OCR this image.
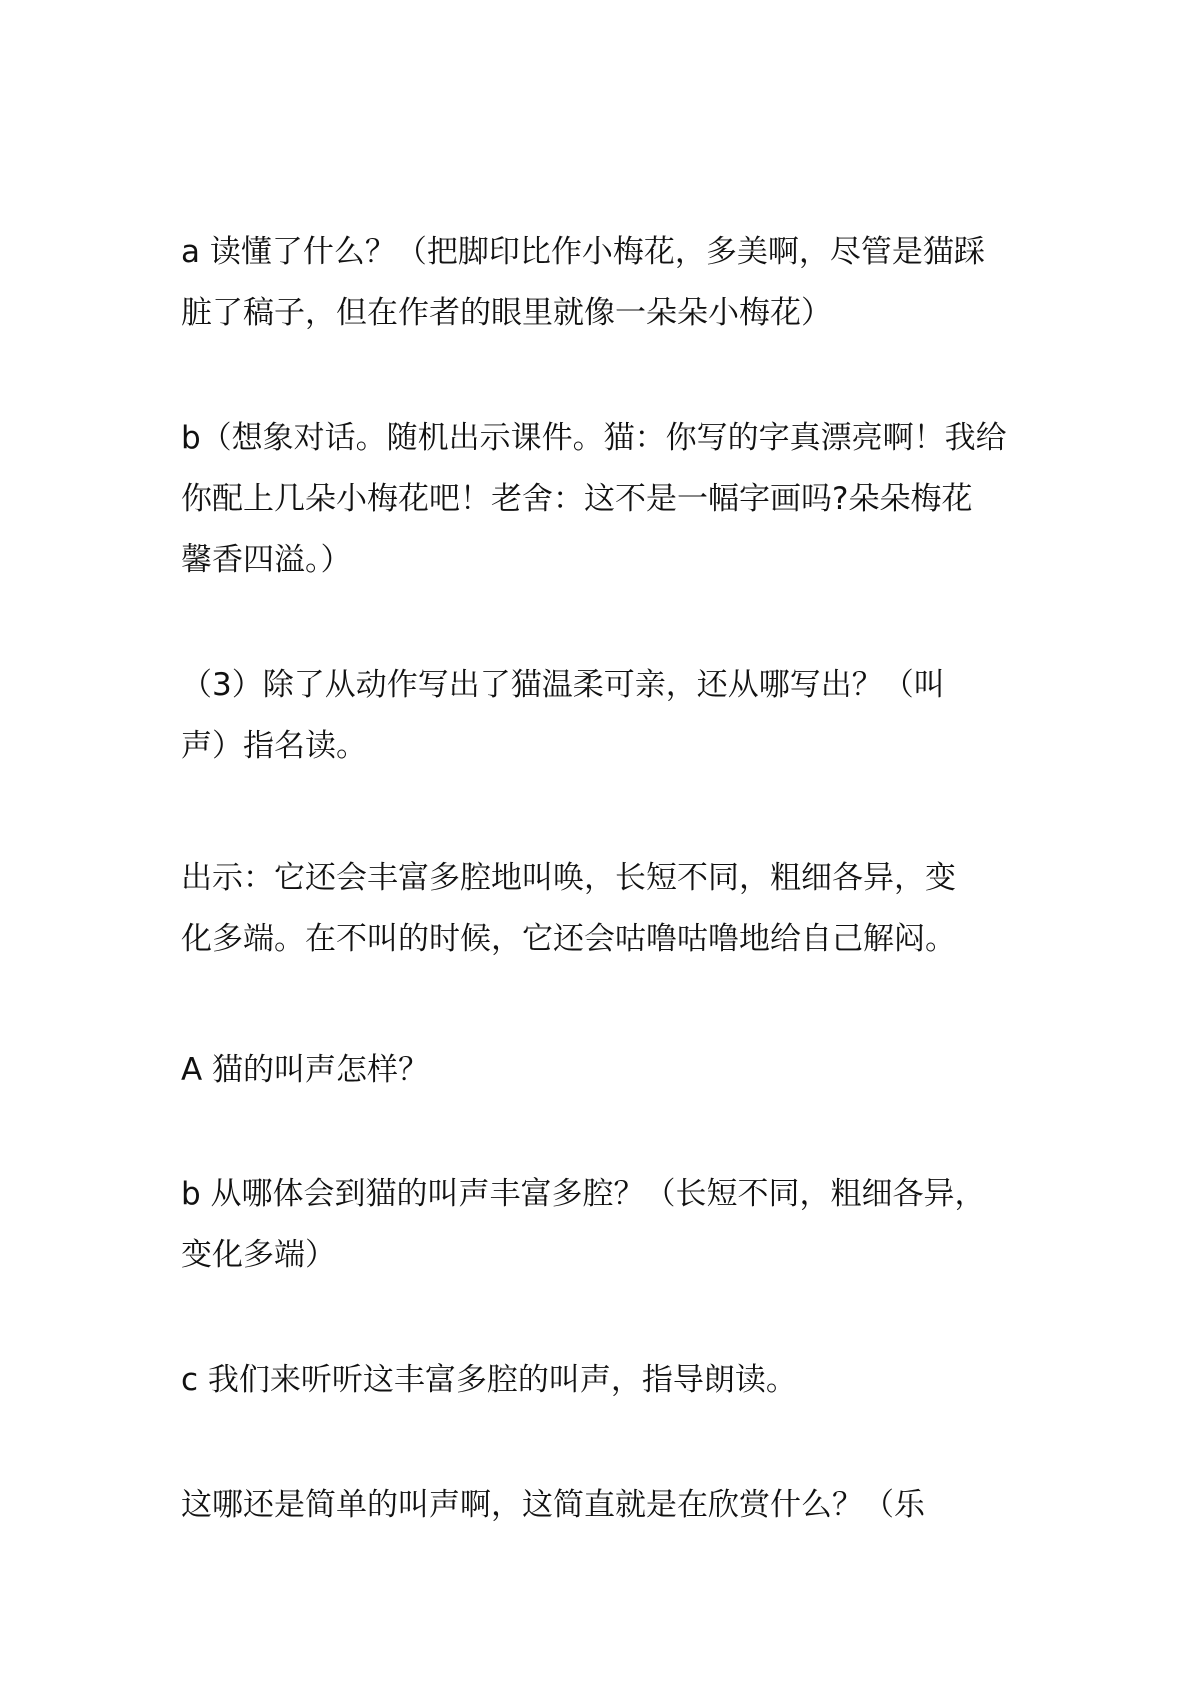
a 读懂了什么？（把脚印比作小梅花，多美啊，尽管是猫踩
脏了稿子，但在作者的眼里就像一朵朵小梅花）
b（想象对话。随机出示课件。猫：你写的字真漂亮啊！我给
你配上几朵小梅花吧！老舍：这不是一幅字画吗?朵朵梅花
馨香四溢。）
（3）除了从动作写出了猫温柔可亲，还从哪写出？（叫
声）指名读。
出示：它还会丰富多腔地叫唤，长短不同，粗细各异，变
化多端。在不叫的时候，它还会咕噜咕噜地给自己解闷。
A 猫的叫声怎样？
b 从哪体会到猫的叫声丰富多腔？（长短不同，粗细各异，
变化多端）
c 我们来听听这丰富多腔的叫声，指导朗读。
这哪还是简单的叫声啊，这简直就是在欣赏什么？（乐
